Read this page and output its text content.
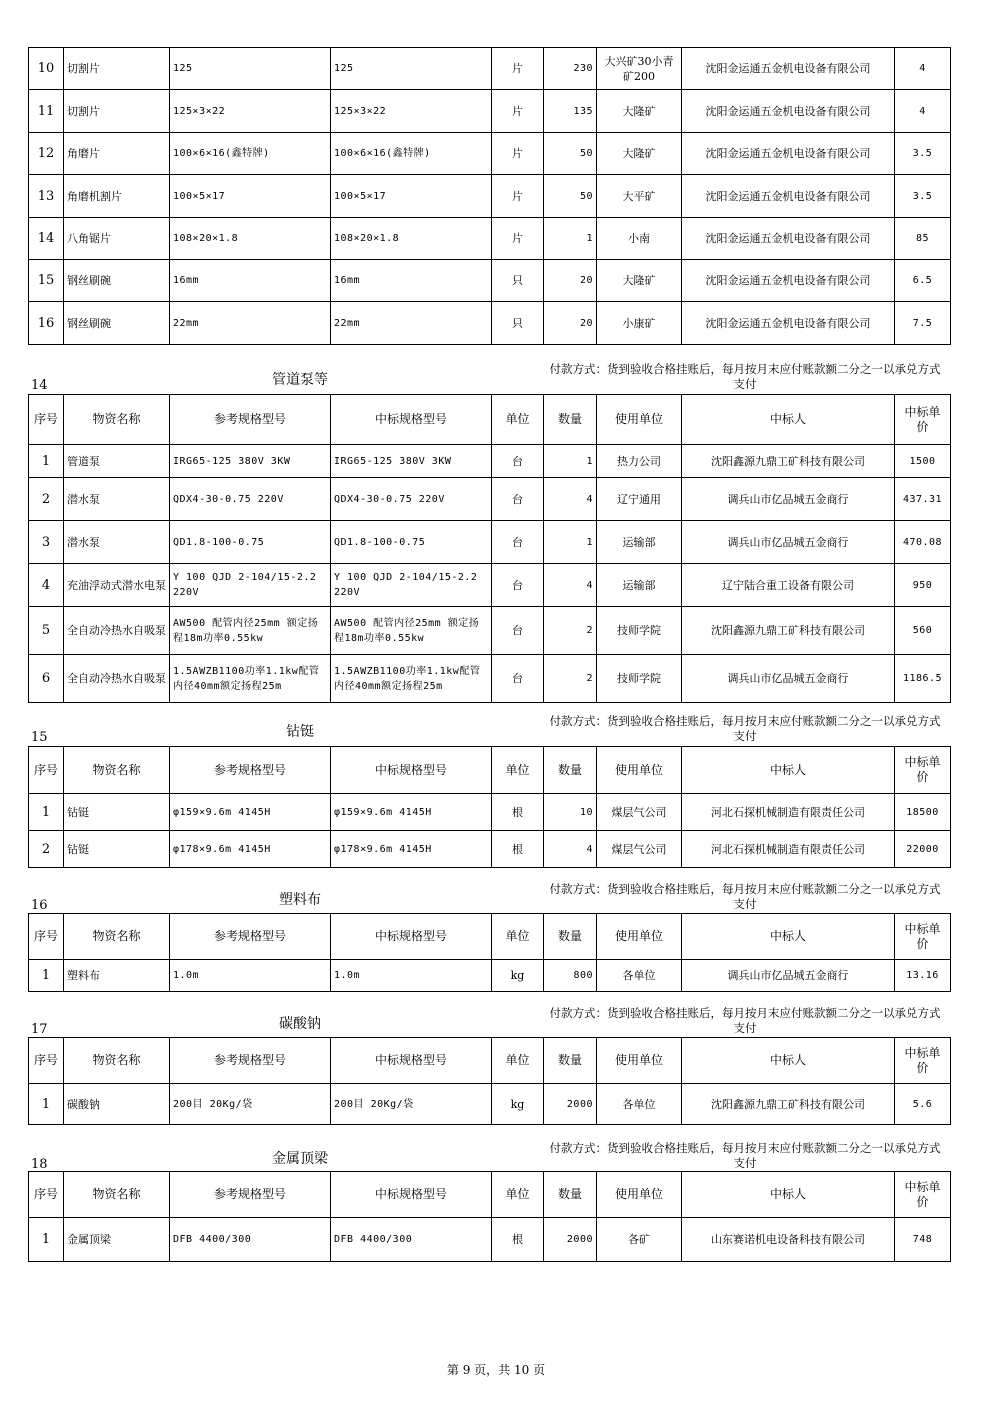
10	切割片	125	125	片	230	大兴矿30小青矿200	沈阳金运通五金机电设备有限公司	4
11	切割片	125×3×22	125×3×22	片	135	大隆矿	沈阳金运通五金机电设备有限公司	4
12	角磨片	100×6×16(鑫特牌)	100×6×16(鑫特牌)	片	50	大隆矿	沈阳金运通五金机电设备有限公司	3.5
13	角磨机割片	100×5×17	100×5×17	片	50	大平矿	沈阳金运通五金机电设备有限公司	3.5
14	八角锯片	108×20×1.8	108×20×1.8	片	1	小南	沈阳金运通五金机电设备有限公司	85
15	钢丝刷碗	16mm	16mm	只	20	大隆矿	沈阳金运通五金机电设备有限公司	6.5
16	钢丝刷碗	22mm	22mm	只	20	小康矿	沈阳金运通五金机电设备有限公司	7.5
14	管道泵等
付款方式：货到验收合格挂账后，每月按月末应付账款额二分之一以承兑方式支付
序号	物资名称	参考规格型号	中标规格型号	单位	数量	使用单位	中标人	中标单价
1	管道泵	IRG65-125 380V 3KW	IRG65-125 380V 3KW	台	1	热力公司	沈阳鑫源九鼎工矿科技有限公司	1500
2	潜水泵	QDX4-30-0.75 220V	QDX4-30-0.75 220V	台	4	辽宁通用	调兵山市亿品城五金商行	437.31
3	潜水泵	QD1.8-100-0.75	QD1.8-100-0.75	台	1	运输部	调兵山市亿品城五金商行	470.08
4	充油浮动式潜水电泵	Y 100 QJD 2-104/15-2.2 220V	Y 100 QJD 2-104/15-2.2 220V	台	4	运输部	辽宁陆合重工设备有限公司	950
5	全自动冷热水自吸泵	AW500 配管内径25mm 额定扬程18m功率0.55kw	AW500 配管内径25mm 额定扬程18m功率0.55kw	台	2	技师学院	沈阳鑫源九鼎工矿科技有限公司	560
6	全自动冷热水自吸泵	1.5AWZB1100功率1.1kw配管内径40mm额定扬程25m	1.5AWZB1100功率1.1kw配管内径40mm额定扬程25m	台	2	技师学院	调兵山市亿品城五金商行	1186.5
15	钻铤
付款方式：货到验收合格挂账后，每月按月末应付账款额二分之一以承兑方式支付
序号	物资名称	参考规格型号	中标规格型号	单位	数量	使用单位	中标人	中标单价
1	钻铤	φ159×9.6m 4145H	φ159×9.6m 4145H	根	10	煤层气公司	河北石探机械制造有限责任公司	18500
2	钻铤	φ178×9.6m 4145H	φ178×9.6m 4145H	根	4	煤层气公司	河北石探机械制造有限责任公司	22000
16	塑料布
付款方式：货到验收合格挂账后，每月按月末应付账款额二分之一以承兑方式支付
序号	物资名称	参考规格型号	中标规格型号	单位	数量	使用单位	中标人	中标单价
1	塑料布	1.0m	1.0m	kg	800	各单位	调兵山市亿品城五金商行	13.16
17	碳酸钠
付款方式：货到验收合格挂账后，每月按月末应付账款额二分之一以承兑方式支付
序号	物资名称	参考规格型号	中标规格型号	单位	数量	使用单位	中标人	中标单价
1	碳酸钠	200目 20Kg/袋	200目 20Kg/袋	kg	2000	各单位	沈阳鑫源九鼎工矿科技有限公司	5.6
18	金属顶梁
付款方式：货到验收合格挂账后，每月按月末应付账款额二分之一以承兑方式支付
序号	物资名称	参考规格型号	中标规格型号	单位	数量	使用单位	中标人	中标单价
1	金属顶梁	DFB 4400/300	DFB 4400/300	根	2000	各矿	山东赛诺机电设备科技有限公司	748
第 9 页，共 10 页
